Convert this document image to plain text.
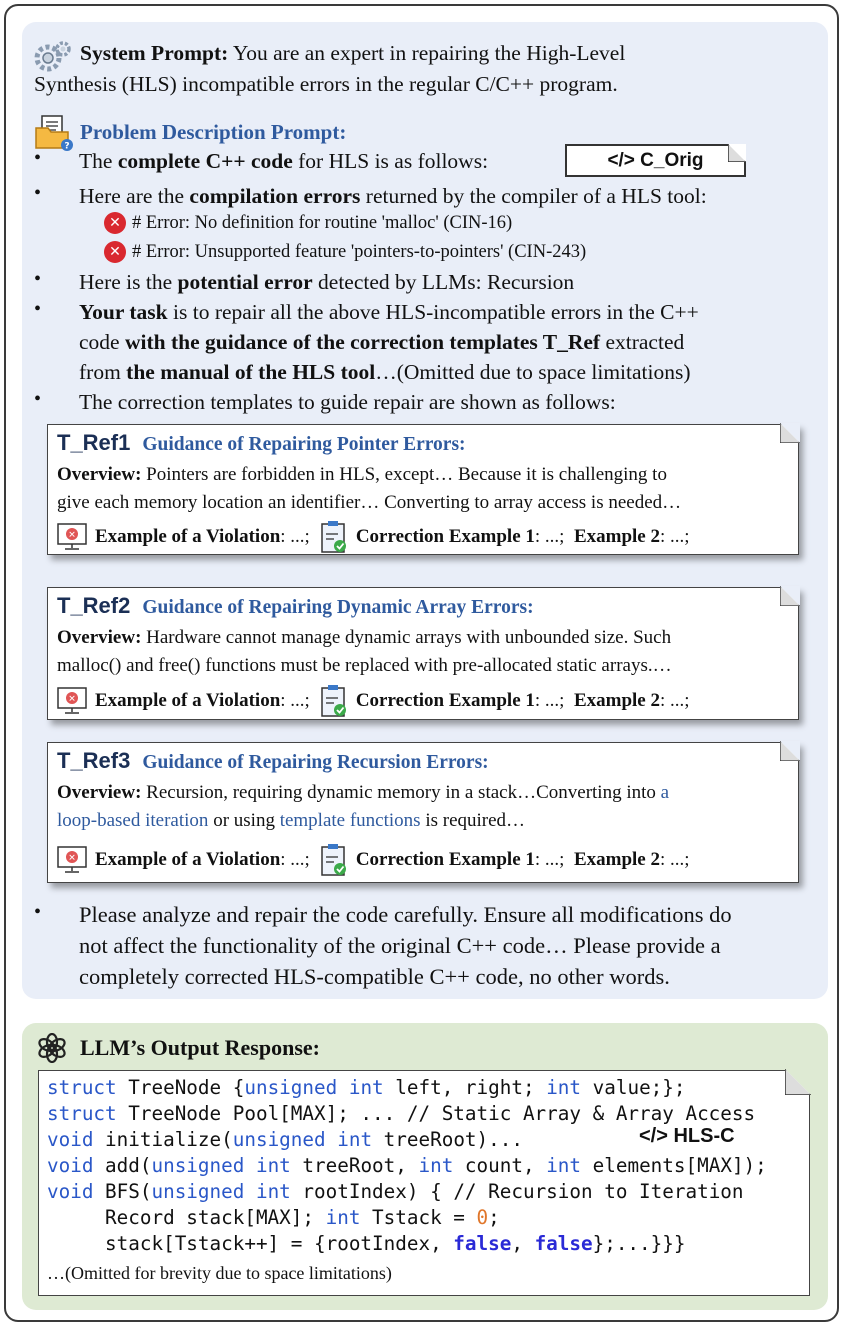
System Prompt: You are an expert in repairing the High-Level
Synthesis (HLS) incompatible errors in the regular C/C++ program.
?
Problem Description Prompt:
• The complete C++ code for HLS is as follows:	</> C_Orig
• Here are the compilation errors returned by the compiler of a HLS tool:
✕ # Error: No definition for routine 'malloc' (CIN-16)
✕ # Error: Unsupported feature 'pointers-to-pointers' (CIN-243)
• Here is the potential error detected by LLMs: Recursion
• Your task is to repair all the above HLS-incompatible errors in the C++
code with the guidance of the correction templates T_Ref extracted
from the manual of the HLS tool…(Omitted due to space limitations)
• The correction templates to guide repair are shown as follows:
T_Ref1 Guidance of Repairing Pointer Errors:
Overview: Pointers are forbidden in HLS, except… Because it is challenging to
give each memory location an identifier… Converting to array access is needed…
✕ Example of a Violation : ...; Correction Example 1 : ...;
Example 2 : ...;
T_Ref2 Guidance of Repairing Dynamic Array Errors:
Overview: Hardware cannot manage dynamic arrays with unbounded size. Such
malloc() and free() functions must be replaced with pre-allocated static arrays.…
✕ Example of a Violation : ...; Correction Example 1 : ...;
Example 2 : ...;
T_Ref3 Guidance of Repairing Recursion Errors:
Overview: Recursion, requiring dynamic memory in a stack…Converting into a
loop-based iteration or using template functions is required…
✕ Example of a Violation : ...; Correction Example 1 : ...;
Example 2 : ...;
• Please analyze and repair the code carefully. Ensure all modifications do
not affect the functionality of the original C++ code… Please provide a
completely corrected HLS-compatible C++ code, no other words.
LLM’s Output Response:
struct TreeNode {unsigned int left, right; int value;};
struct TreeNode Pool[MAX]; ... // Static Array & Array Access
void initialize(unsigned int treeRoot)...	</> HLS-C
void add(unsigned int treeRoot, int count, int elements[MAX]);
void BFS(unsigned int rootIndex) { // Recursion to Iteration
Record stack[MAX]; int Tstack = 0;
stack[Tstack++] = {rootIndex, false, false};...}}}
…(Omitted for brevity due to space limitations)
